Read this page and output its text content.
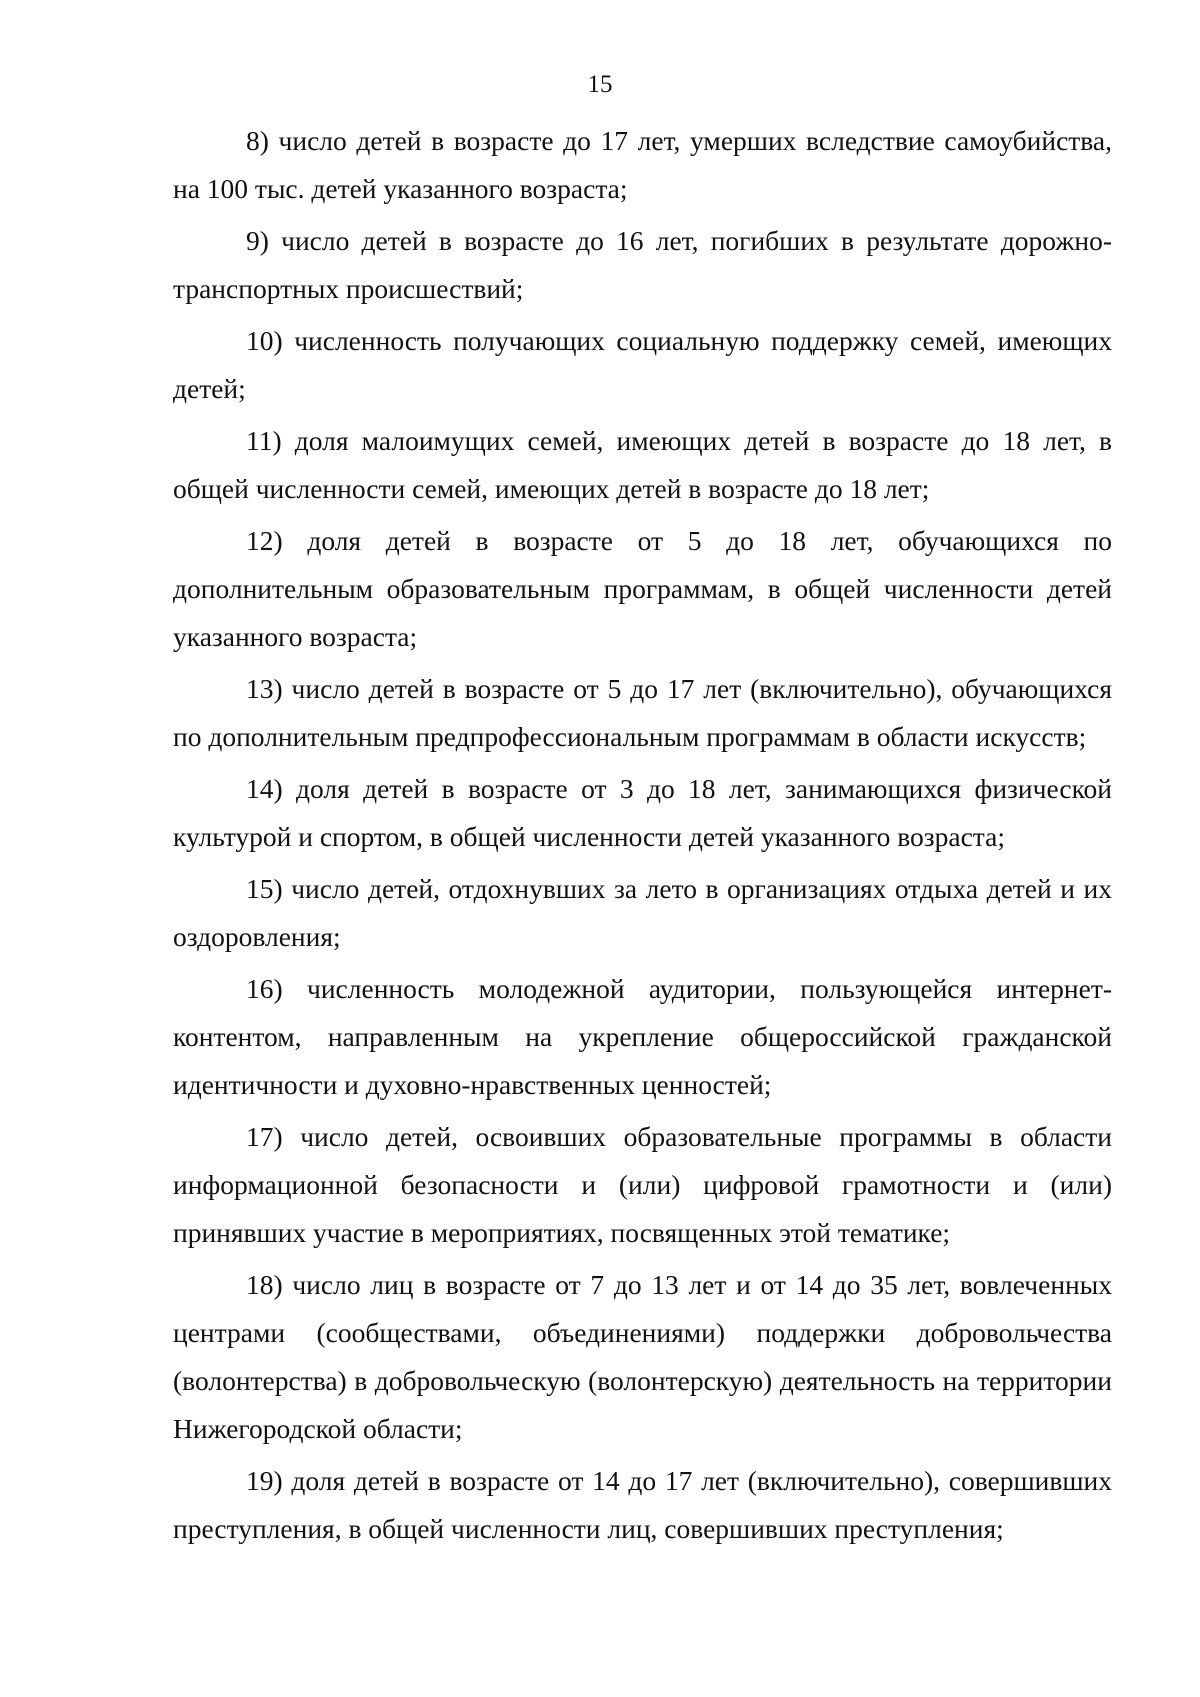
15

8) число детей в возрасте до 17 лет, умерших вследствие самоубийства, на 100 тыс. детей указанного возраста;

9) число детей в возрасте до 16 лет, погибших в результате дорожно-транспортных происшествий;

10) численность получающих социальную поддержку семей, имеющих детей;

11) доля малоимущих семей, имеющих детей в возрасте до 18 лет, в общей численности семей, имеющих детей в возрасте до 18 лет;

12) доля детей в возрасте от 5 до 18 лет, обучающихся по дополнительным образовательным программам, в общей численности детей указанного возраста;

13) число детей в возрасте от 5 до 17 лет (включительно), обучающихся по дополнительным предпрофессиональным программам в области искусств;

14) доля детей в возрасте от 3 до 18 лет, занимающихся физической культурой и спортом, в общей численности детей указанного возраста;

15) число детей, отдохнувших за лето в организациях отдыха детей и их оздоровления;

16) численность молодежной аудитории, пользующейся интернет-контентом, направленным на укрепление общероссийской гражданской идентичности и духовно-нравственных ценностей;

17) число детей, освоивших образовательные программы в области информационной безопасности и (или) цифровой грамотности и (или) принявших участие в мероприятиях, посвященных этой тематике;

18) число лиц в возрасте от 7 до 13 лет и от 14 до 35 лет, вовлеченных центрами (сообществами, объединениями) поддержки добровольчества (волонтерства) в добровольческую (волонтерскую) деятельность на территории Нижегородской области;

19) доля детей в возрасте от 14 до 17 лет (включительно), совершивших преступления, в общей численности лиц, совершивших преступления;
